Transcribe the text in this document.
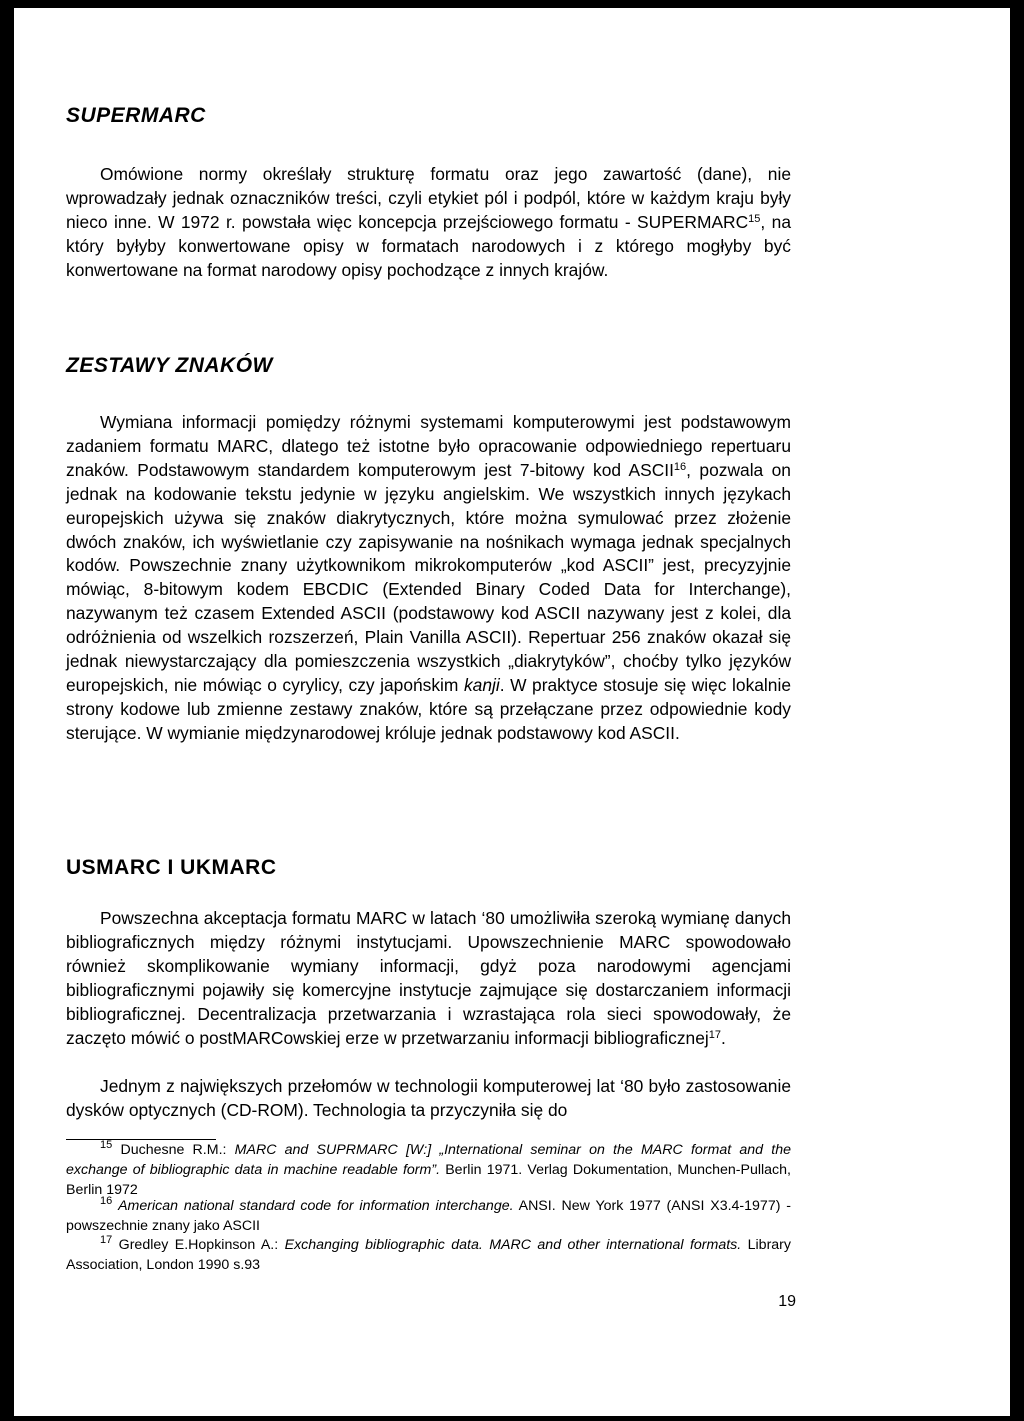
SUPERMARC

Omówione normy określały strukturę formatu oraz jego zawartość (dane), nie wprowadzały jednak oznaczników treści, czyli etykiet pól i podpól, które w każdym kraju były nieco inne. W 1972 r. powstała więc koncepcja przejściowego formatu - SUPERMARC$^{15}$, na który byłyby konwertowane opisy w formatach narodowych i z którego mogłyby być konwertowane na format narodowy opisy pochodzące z innych krajów.

ZESTAWY ZNAKÓW

Wymiana informacji pomiędzy różnymi systemami komputerowymi jest podstawowym zadaniem formatu MARC, dlatego też istotne było opracowanie odpowiedniego repertuaru znaków. Podstawowym standardem komputerowym jest 7-bitowy kod ASCII$^{16}$, pozwala on jednak na kodowanie tekstu jedynie w języku angielskim. We wszystkich innych językach europejskich używa się znaków diakrytycznych, które można symulować przez złożenie dwóch znaków, ich wyświetlanie czy zapisywanie na nośnikach wymaga jednak specjalnych kodów. Powszechnie znany użytkownikom mikrokomputerów „kod ASCII” jest, precyzyjnie mówiąc, 8-bitowym kodem EBCDIC (Extended Binary Coded Data for Interchange), nazywanym też czasem Extended ASCII (podstawowy kod ASCII nazywany jest z kolei, dla odróżnienia od wszelkich rozszerzeń, Plain Vanilla ASCII). Repertuar 256 znaków okazał się jednak niewystarczający dla pomieszczenia wszystkich „diakrytyków”, choćby tylko języków europejskich, nie mówiąc o cyrylicy, czy japońskim kanji. W praktyce stosuje się więc lokalnie strony kodowe lub zmienne zestawy znaków, które są przełączane przez odpowiednie kody sterujące. W wymianie międzynarodowej króluje jednak podstawowy kod ASCII.

USMARC I UKMARC

Powszechna akceptacja formatu MARC w latach ‘80 umożliwiła szeroką wymianę danych bibliograficznych między różnymi instytucjami. Upowszechnienie MARC spowodowało również skomplikowanie wymiany informacji, gdyż poza narodowymi agencjami bibliograficznymi pojawiły się komercyjne instytucje zajmujące się dostarczaniem informacji bibliograficznej. Decentralizacja przetwarzania i wzrastająca rola sieci spowodowały, że zaczęto mówić o postMARCowskiej erze w przetwarzaniu informacji bibliograficznej$^{17}$.

Jednym z największych przełomów w technologii komputerowej lat ‘80 było zastosowanie dysków optycznych (CD-ROM). Technologia ta przyczyniła się do

$^{15}$ Duchesne R.M.: MARC and SUPRMARC [W:] „International seminar on the MARC format and the exchange of bibliographic data in machine readable form”. Berlin 1971. Verlag Dokumentation, Munchen-Pullach, Berlin 1972

$^{16}$ American national standard code for information interchange. ANSI. New York 1977 (ANSI X3.4-1977) - powszechnie znany jako ASCII

$^{17}$ Gredley E.Hopkinson A.: Exchanging bibliographic data. MARC and other international formats. Library Association, London 1990 s.93

19
